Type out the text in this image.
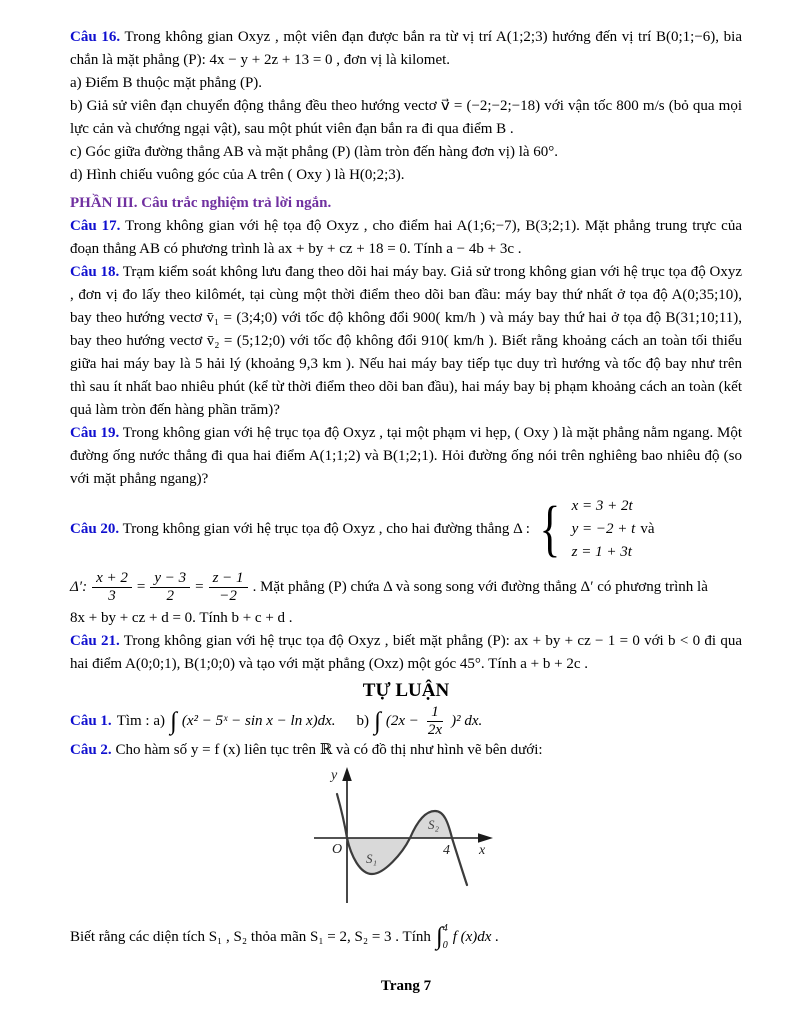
Câu 16. Trong không gian Oxyz , một viên đạn được bắn ra từ vị trí A(1;2;3) hướng đến vị trí B(0;1;−6), bia chắn là mặt phẳng (P): 4x − y + 2z + 13 = 0 , đơn vị là kilomet.

a) Điểm B thuộc mặt phẳng (P).

b) Giả sử viên đạn chuyển động thẳng đều theo hướng vectơ v⃗ = (−2;−2;−18) với vận tốc 800 m/s (bỏ qua mọi lực cản và chướng ngại vật), sau một phút viên đạn bắn ra đi qua điểm B .

c) Góc giữa đường thẳng AB và mặt phẳng (P) (làm tròn đến hàng đơn vị) là 60°.

d) Hình chiếu vuông góc của A trên ( Oxy ) là H(0;2;3).

PHẦN III. Câu trắc nghiệm trả lời ngắn.

Câu 17. Trong không gian với hệ tọa độ Oxyz , cho điểm hai A(1;6;−7), B(3;2;1). Mặt phẳng trung trực của đoạn thẳng AB có phương trình là ax + by + cz + 18 = 0. Tính a − 4b + 3c .

Câu 18. Trạm kiểm soát không lưu đang theo dõi hai máy bay. Giả sử trong không gian với hệ trục tọa độ Oxyz , đơn vị đo lấy theo kilômét, tại cùng một thời điểm theo dõi ban đầu: máy bay thứ nhất ở tọa độ A(0;35;10), bay theo hướng vectơ v̄₁ = (3;4;0) với tốc độ không đổi 900( km/h ) và máy bay thứ hai ở tọa độ B(31;10;11), bay theo hướng vectơ v̄₂ = (5;12;0) với tốc độ không đổi 910( km/h ). Biết rằng khoảng cách an toàn tối thiểu giữa hai máy bay là 5 hải lý (khoảng 9,3 km ). Nếu hai máy bay tiếp tục duy trì hướng và tốc độ bay như trên thì sau ít nhất bao nhiêu phút (kể từ thời điểm theo dõi ban đầu), hai máy bay bị phạm khoảng cách an toàn (kết quả làm tròn đến hàng phần trăm)?

Câu 19. Trong không gian với hệ trục tọa độ Oxyz , tại một phạm vi hẹp, ( Oxy ) là mặt phẳng nằm ngang. Một đường ống nước thẳng đi qua hai điểm A(1;1;2) và B(1;2;1). Hỏi đường ống nói trên nghiêng bao nhiêu độ (so với mặt phẳng ngang)?

Câu 20. Trong không gian với hệ trục tọa độ Oxyz , cho hai đường thẳng Δ : { x = 3 + 2t
y = −2 + t
z = 1 + 3t
và
Δ′: $\frac{x + 2}{3} = \frac{y - 3}{2} = \frac{z - 1}{-2}$ . Mặt phẳng (P) chứa Δ và song song với đường thẳng Δ′ có phương trình là

8x + by + cz + d = 0. Tính b + c + d .

Câu 21. Trong không gian với hệ trục tọa độ Oxyz , biết mặt phẳng (P): ax + by + cz − 1 = 0 với b < 0 đi qua hai điểm A(0;0;1), B(1;0;0) và tạo với mặt phẳng (Oxz) một góc 45°. Tính a + b + 2c .

TỰ LUẬN

Câu 1. Tìm : a) ∫ (x² − 5ˣ − sin x − ln x)dx. b) ∫ $(2x - \frac{1}{2x} )^2$ dx.

Câu 2. Cho hàm số y = f (x) liên tục trên ℝ và có đồ thị như hình vẽ bên dưới:

y
O
S₁
S₂
4 x
Biết rằng các diện tích S₁ , S₂ thỏa mãn S₁ = 2, S₂ = 3 . Tính ∫ 4
0
f (x)dx .

Trang 7
